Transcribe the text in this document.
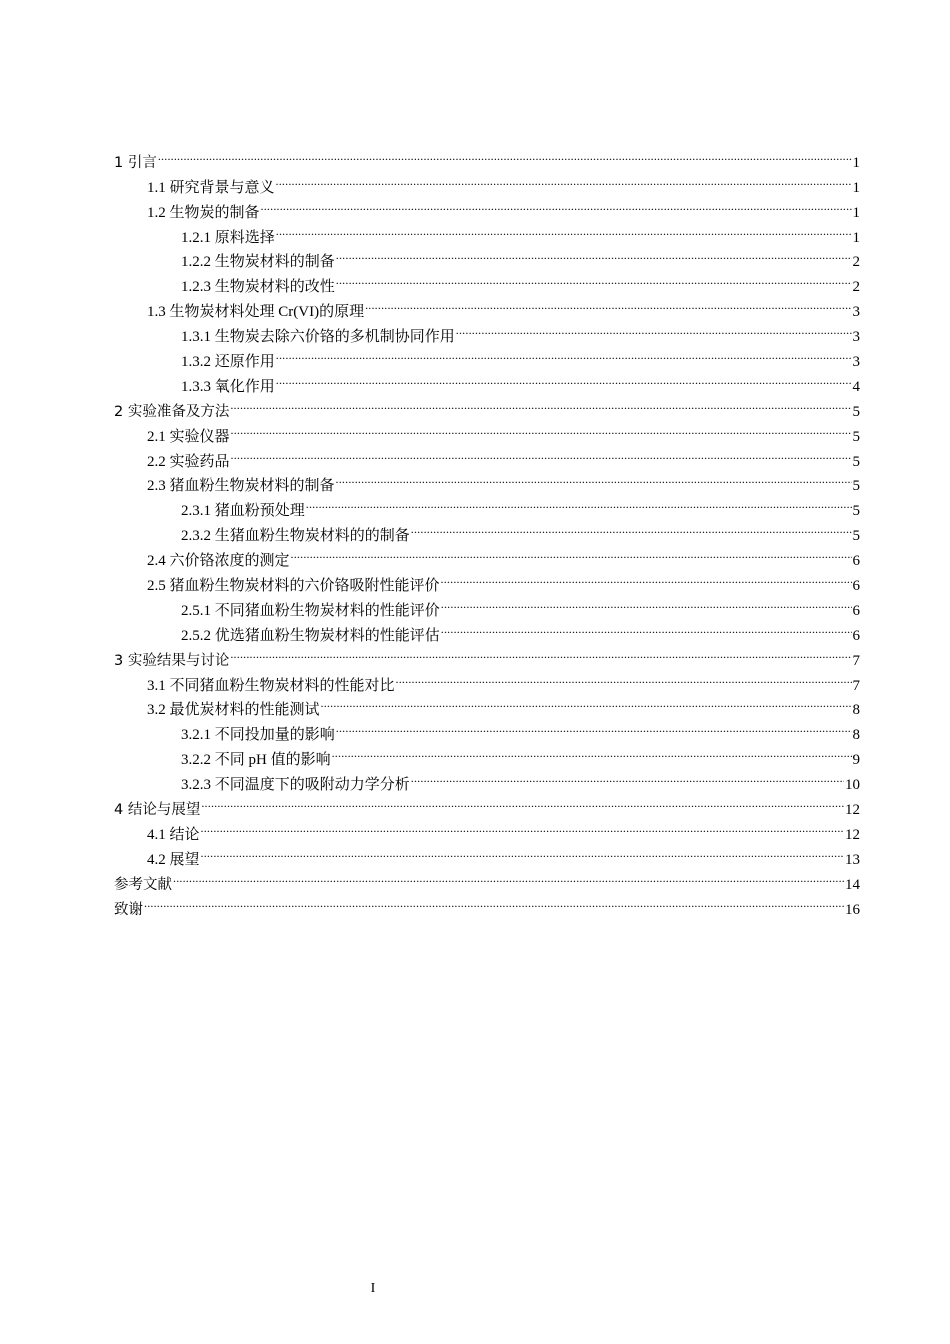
1 引言 .....	1
1.1 研究背景与意义 .....	1
1.2 生物炭的制备 .....	1
1.2.1 原料选择 .....	1
1.2.2 生物炭材料的制备 .....	2
1.2.3 生物炭材料的改性 .....	2
1.3 生物炭材料处理 Cr(VI)的原理 .....	3
1.3.1 生物炭去除六价铬的多机制协同作用 .....	3
1.3.2 还原作用 .....	3
1.3.3 氧化作用 .....	4
2 实验准备及方法 .....	5
2.1 实验仪器 .....	5
2.2 实验药品 .....	5
2.3 猪血粉生物炭材料的制备 .....	5
2.3.1 猪血粉预处理 .....	5
2.3.2 生猪血粉生物炭材料的的制备 .....	5
2.4 六价铬浓度的测定 .....	6
2.5 猪血粉生物炭材料的六价铬吸附性能评价 .....	6
2.5.1 不同猪血粉生物炭材料的性能评价 .....	6
2.5.2 优选猪血粉生物炭材料的性能评估 .....	6
3 实验结果与讨论 .....	7
3.1 不同猪血粉生物炭材料的性能对比 .....	7
3.2 最优炭材料的性能测试 .....	8
3.2.1 不同投加量的影响 .....	8
3.2.2 不同 pH 值的影响 .....	9
3.2.3 不同温度下的吸附动力学分析 .....	10
4 结论与展望 .....	12
4.1 结论 .....	12
4.2 展望 .....	13
参考文献 .....	14
致谢 .....	16
I
